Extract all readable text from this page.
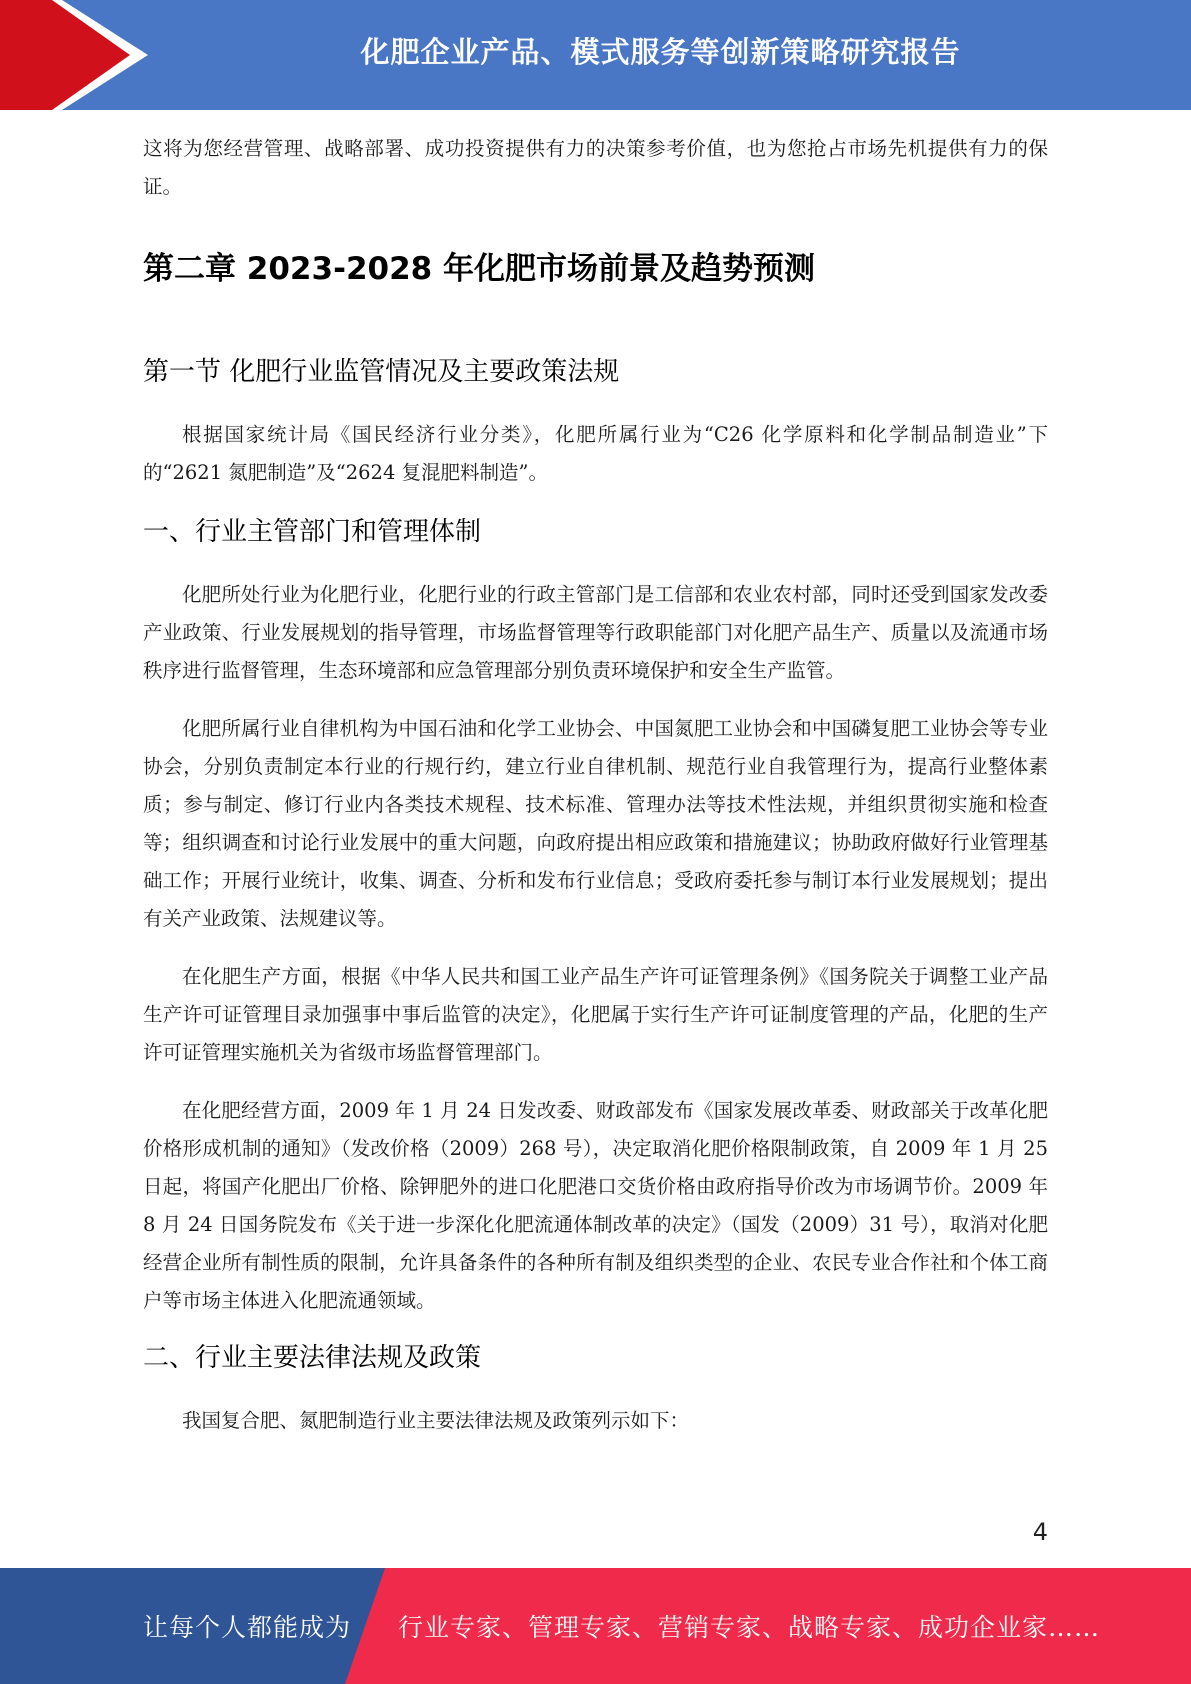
化肥企业产品、模式服务等创新策略研究报告

这将为您经营管理、战略部署、成功投资提供有力的决策参考价值，也为您抢占市场先机提供有力的保证。

第二章 2023-2028 年化肥市场前景及趋势预测
第一节 化肥行业监管情况及主要政策法规

根据国家统计局《国民经济行业分类》，化肥所属行业为“C26 化学原料和化学制品制造业”下的“2621 氮肥制造”及“2624 复混肥料制造”。

一、行业主管部门和管理体制

化肥所处行业为化肥行业，化肥行业的行政主管部门是工信部和农业农村部，同时还受到国家发改委产业政策、行业发展规划的指导管理，市场监督管理等行政职能部门对化肥产品生产、质量以及流通市场秩序进行监督管理，生态环境部和应急管理部分别负责环境保护和安全生产监管。

化肥所属行业自律机构为中国石油和化学工业协会、中国氮肥工业协会和中国磷复肥工业协会等专业协会，分别负责制定本行业的行规行约，建立行业自律机制、规范行业自我管理行为，提高行业整体素质；参与制定、修订行业内各类技术规程、技术标准、管理办法等技术性法规，并组织贯彻实施和检查等；组织调查和讨论行业发展中的重大问题，向政府提出相应政策和措施建议；协助政府做好行业管理基础工作；开展行业统计，收集、调查、分析和发布行业信息；受政府委托参与制订本行业发展规划；提出有关产业政策、法规建议等。

在化肥生产方面，根据《中华人民共和国工业产品生产许可证管理条例》《国务院关于调整工业产品生产许可证管理目录加强事中事后监管的决定》，化肥属于实行生产许可证制度管理的产品，化肥的生产许可证管理实施机关为省级市场监督管理部门。

在化肥经营方面，2009 年 1 月 24 日发改委、财政部发布《国家发展改革委、财政部关于改革化肥价格形成机制的通知》（发改价格（2009）268 号），决定取消化肥价格限制政策，自 2009 年 1 月 25 日起，将国产化肥出厂价格、除钾肥外的进口化肥港口交货价格由政府指导价改为市场调节价。2009 年 8 月 24 日国务院发布《关于进一步深化化肥流通体制改革的决定》（国发（2009）31 号），取消对化肥经营企业所有制性质的限制，允许具备条件的各种所有制及组织类型的企业、农民专业合作社和个体工商户等市场主体进入化肥流通领域。

二、行业主要法律法规及政策

我国复合肥、氮肥制造行业主要法律法规及政策列示如下：

4
让每个人都能成为 行业专家、管理专家、营销专家、战略专家、成功企业家……
